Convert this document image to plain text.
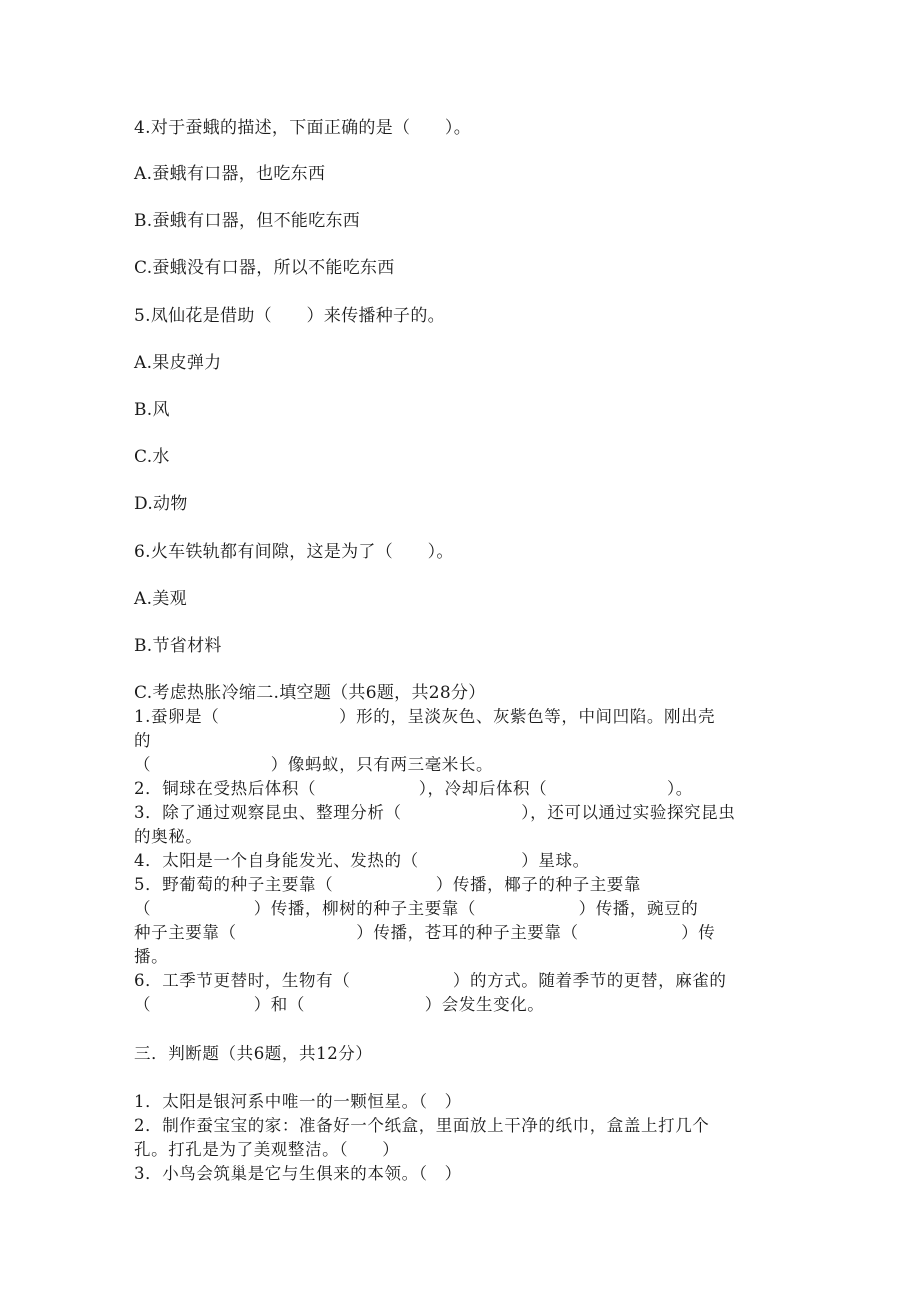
4.对于蚕蛾的描述，下面正确的是（　　）。
A.蚕蛾有口器，也吃东西
B.蚕蛾有口器，但不能吃东西
C.蚕蛾没有口器，所以不能吃东西
5.凤仙花是借助（　　）来传播种子的。
A.果皮弹力
B.风
C.水
D.动物
6.火车铁轨都有间隙，这是为了（　　）。
A.美观
B.节省材料
C.考虑热胀冷缩二.填空题（共6题，共28分）
1.蚕卵是（　　　　　　　）形的，呈淡灰色、灰紫色等，中间凹陷。刚出壳
的
（　　　　　　　）像蚂蚁，只有两三毫米长。
2．铜球在受热后体积（　　　　　　），冷却后体积（　　　　　　　）。
3．除了通过观察昆虫、整理分析（　　　　　　　），还可以通过实验探究昆虫
的奥秘。
4．太阳是一个自身能发光、发热的（　　　　　　）星球。
5．野葡萄的种子主要靠（　　　　　　）传播，椰子的种子主要靠
（　　　　　　）传播，柳树的种子主要靠（　　　　　　）传播，豌豆的
种子主要靠（　　　　　　　）传播，苍耳的种子主要靠（　　　　　　）传
播。
6．工季节更替时，生物有（　　　　　　）的方式。随着季节的更替，麻雀的
（　　　　　　）和（　　　　　　　）会发生变化。
三．判断题（共6题，共12分）
1．太阳是银河系中唯一的一颗恒星。（　）
2．制作蚕宝宝的家：准备好一个纸盒，里面放上干净的纸巾，盒盖上打几个
孔。打孔是为了美观整洁。（　　）
3．小鸟会筑巢是它与生俱来的本领。（　）
